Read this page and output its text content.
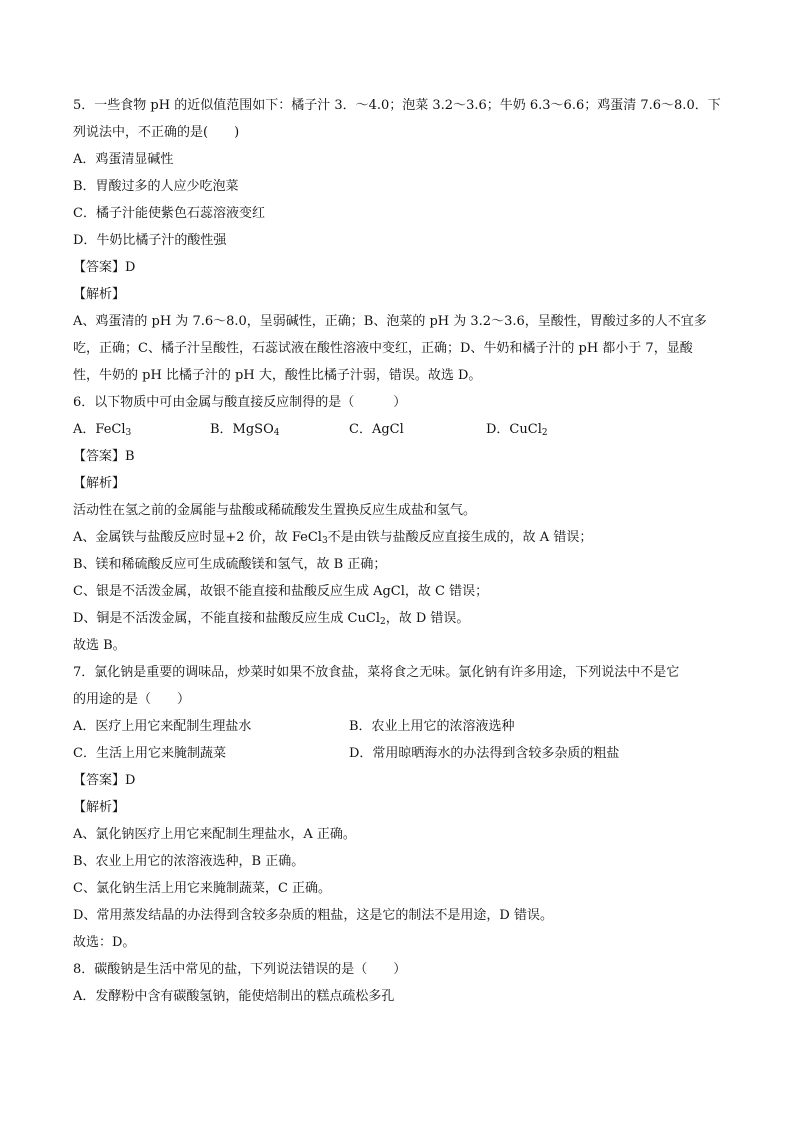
5．一些食物 pH 的近似值范围如下：橘子汁 3．～4.0；泡菜 3.2～3.6；牛奶 6.3～6.6；鸡蛋清 7.6～8.0．下
列说法中，不正确的是(　　)
A．鸡蛋清显碱性
B．胃酸过多的人应少吃泡菜
C．橘子汁能使紫色石蕊溶液变红
D．牛奶比橘子汁的酸性强
【答案】D
【解析】
A、鸡蛋清的 pH 为 7.6～8.0，呈弱碱性，正确；B、泡菜的 pH 为 3.2～3.6，呈酸性，胃酸过多的人不宜多
吃，正确；C、橘子汁呈酸性，石蕊试液在酸性溶液中变红，正确；D、牛奶和橘子汁的 pH 都小于 7，显酸
性，牛奶的 pH 比橘子汁的 pH 大，酸性比橘子汁弱，错误。故选 D。
6．以下物质中可由金属与酸直接反应制得的是（　　　）
A．FeCl$_3$	B．MgSO$_4$	C．AgCl	D．CuCl$_2$
【答案】B
【解析】
活动性在氢之前的金属能与盐酸或稀硫酸发生置换反应生成盐和氢气。
A、金属铁与盐酸反应时显+2 价，故 FeCl$_3$不是由铁与盐酸反应直接生成的，故 A 错误；
B、镁和稀硫酸反应可生成硫酸镁和氢气，故 B 正确；
C、银是不活泼金属，故银不能直接和盐酸反应生成 AgCl，故 C 错误；
D、铜是不活泼金属，不能直接和盐酸反应生成 CuCl$_2$，故 D 错误。
故选 B。
7．氯化钠是重要的调味品，炒菜时如果不放食盐，菜将食之无味。氯化钠有许多用途，下列说法中不是它
的用途的是（　　）
A．医疗上用它来配制生理盐水	B．农业上用它的浓溶液选种
C．生活上用它来腌制蔬菜	D．常用晾晒海水的办法得到含较多杂质的粗盐
【答案】D
【解析】
A、氯化钠医疗上用它来配制生理盐水，A 正确。
B、农业上用它的浓溶液选种，B 正确。
C、氯化钠生活上用它来腌制蔬菜，C 正确。
D、常用蒸发结晶的办法得到含较多杂质的粗盐，这是它的制法不是用途，D 错误。
故选：D。
8．碳酸钠是生活中常见的盐，下列说法错误的是（　　）
A．发酵粉中含有碳酸氢钠，能使焙制出的糕点疏松多孔
